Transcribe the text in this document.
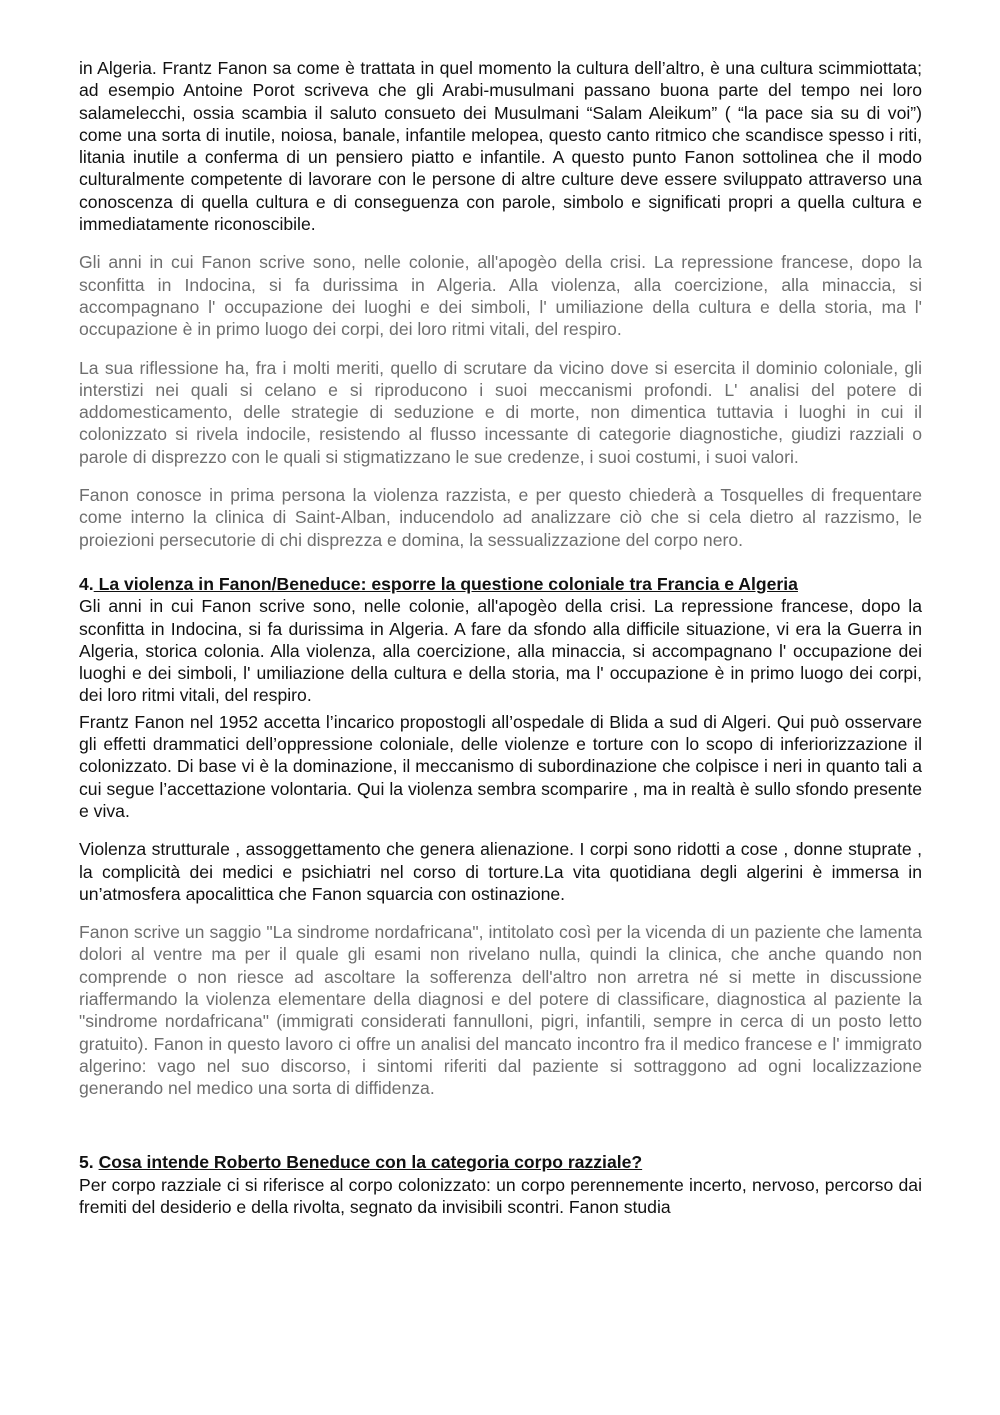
in Algeria. Frantz Fanon sa come è trattata in quel momento la cultura dell’altro, è una cultura scimmiottata; ad esempio Antoine Porot scriveva che gli Arabi-musulmani passano buona parte del tempo nei loro salamelecchi, ossia scambia il saluto consueto dei Musulmani “Salam Aleikum” ( “la pace sia su di voi”) come una sorta di inutile, noiosa, banale, infantile melopea, questo canto ritmico che scandisce spesso i riti, litania inutile a conferma di un pensiero piatto e infantile. A questo punto Fanon sottolinea che il modo culturalmente competente di lavorare con le persone di altre culture deve essere sviluppato attraverso una conoscenza di quella cultura e di conseguenza con parole, simbolo e significati propri a quella cultura e immediatamente riconoscibile.

Gli anni in cui Fanon scrive sono, nelle colonie, all'apogèo della crisi. La repressione francese, dopo la sconfitta in Indocina, si fa durissima in Algeria. Alla violenza, alla coercizione, alla minaccia, si accompagnano l' occupazione dei luoghi e dei simboli, l' umiliazione della cultura e della storia, ma l' occupazione è in primo luogo dei corpi, dei loro ritmi vitali, del respiro.

La sua riflessione ha, fra i molti meriti, quello di scrutare da vicino dove si esercita il dominio coloniale, gli interstizi nei quali si celano e si riproducono i suoi meccanismi profondi. L' analisi del potere di addomesticamento, delle strategie di seduzione e di morte, non dimentica tuttavia i luoghi in cui il colonizzato si rivela indocile, resistendo al flusso incessante di categorie diagnostiche, giudizi razziali o parole di disprezzo con le quali si stigmatizzano le sue credenze, i suoi costumi, i suoi valori.

Fanon conosce in prima persona la violenza razzista, e per questo chiederà a Tosquelles di frequentare come interno la clinica di Saint-Alban, inducendolo ad analizzare ciò che si cela dietro al razzismo, le proiezioni persecutorie di chi disprezza e domina, la sessualizzazione del corpo nero.

4. La violenza in Fanon/Beneduce: esporre la questione coloniale tra Francia e Algeria

Gli anni in cui Fanon scrive sono, nelle colonie, all'apogèo della crisi. La repressione francese, dopo la sconfitta in Indocina, si fa durissima in Algeria. A fare da sfondo alla difficile situazione, vi era la Guerra in Algeria, storica colonia. Alla violenza, alla coercizione, alla minaccia, si accompagnano l' occupazione dei luoghi e dei simboli, l' umiliazione della cultura e della storia, ma l' occupazione è in primo luogo dei corpi, dei loro ritmi vitali, del respiro.

Frantz Fanon nel 1952 accetta l’incarico propostogli all’ospedale di Blida a sud di Algeri. Qui può osservare gli effetti drammatici dell’oppressione coloniale, delle violenze e torture con lo scopo di inferiorizzazione il colonizzato. Di base vi è la dominazione, il meccanismo di subordinazione che colpisce i neri in quanto tali a cui segue l’accettazione volontaria. Qui la violenza sembra scomparire , ma in realtà è sullo sfondo presente e viva.

Violenza strutturale , assoggettamento che genera alienazione. I corpi sono ridotti a cose , donne stuprate , la complicità dei medici e psichiatri nel corso di torture.La vita quotidiana degli algerini è immersa in un’atmosfera apocalittica che Fanon squarcia con ostinazione.

Fanon scrive un saggio "La sindrome nordafricana", intitolato così per la vicenda di un paziente che lamenta dolori al ventre ma per il quale gli esami non rivelano nulla, quindi la clinica, che anche quando non comprende o non riesce ad ascoltare la sofferenza dell'altro non arretra né si mette in discussione riaffermando la violenza elementare della diagnosi e del potere di classificare, diagnostica al paziente la "sindrome nordafricana" (immigrati considerati fannulloni, pigri, infantili, sempre in cerca di un posto letto gratuito). Fanon in questo lavoro ci offre un analisi del mancato incontro fra il medico francese e l' immigrato algerino: vago nel suo discorso, i sintomi riferiti dal paziente si sottraggono ad ogni localizzazione generando nel medico una sorta di diffidenza.

5. Cosa intende Roberto Beneduce con la categoria corpo razziale?

Per corpo razziale ci si riferisce al corpo colonizzato: un corpo perennemente incerto, nervoso, percorso dai fremiti del desiderio e della rivolta, segnato da invisibili scontri. Fanon studia
